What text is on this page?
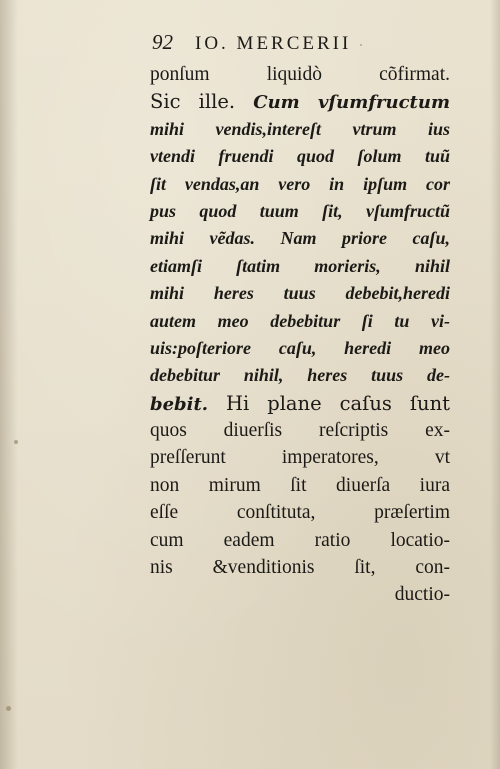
92 IO. MERCERII
ponſum liquidò cõfirmat.
Sic ille. Cum vſumfructum
mihi vendis,intereſt vtrum ius
vtendi fruendi quod ſolum tuũ
ſit vendas,an vero in ipſum cor
pus quod tuum ſit, vſumfructũ
mihi vẽdas. Nam priore caſu,
etiamſi ſtatim morieris, nihil
mihi heres tuus debebit,heredi
autem meo debebitur ſi tu vi-
uis:poſteriore caſu, heredi meo
debebitur nihil, heres tuus de-
bebit. Hi plane caſus ſunt
quos diuerſis reſcriptis ex-
preſſerunt imperatores, vt
non mirum ſit diuerſa iura
eſſe conſtituta, præſertim
cum eadem ratio locatio-
nis &venditionis ſit, con-
ductio-
